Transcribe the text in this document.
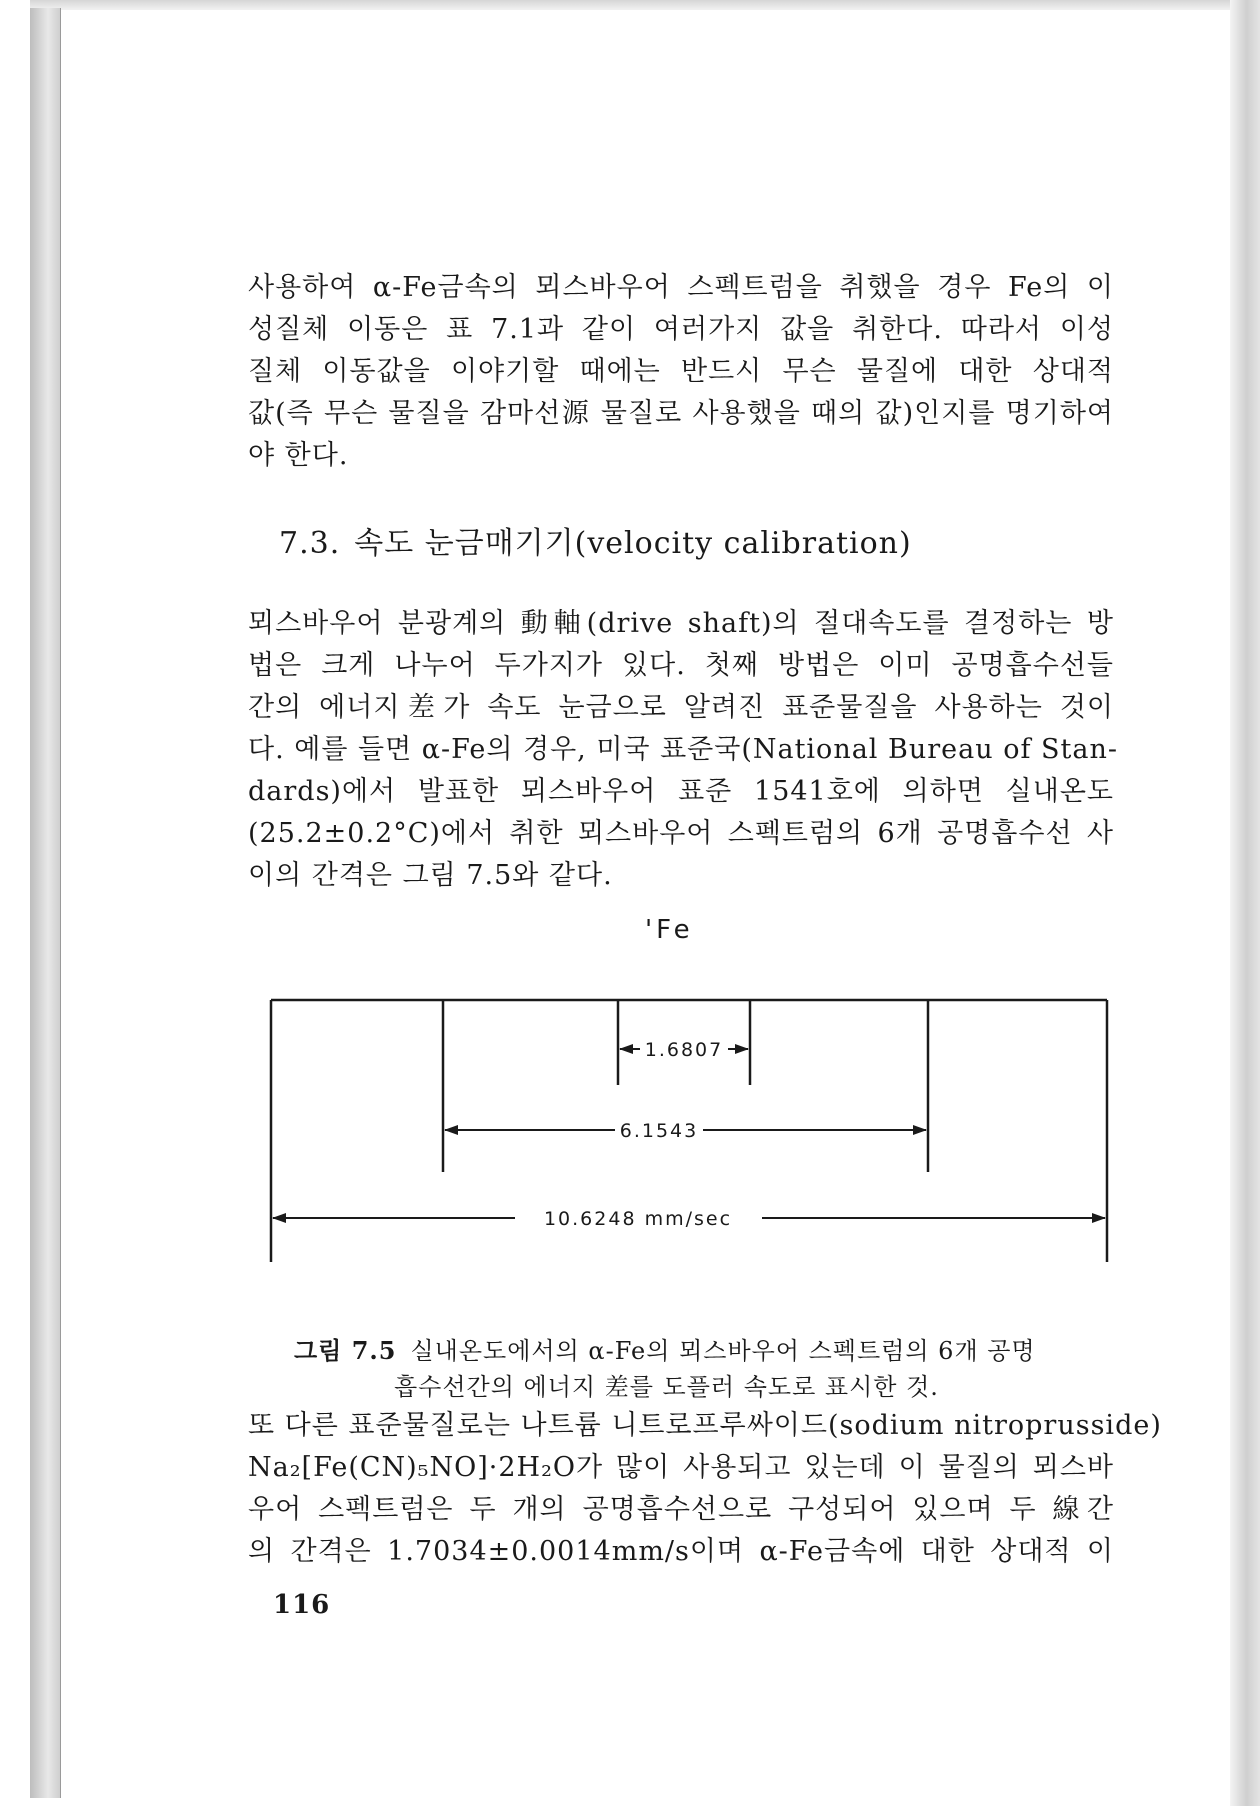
사용하여 α-Fe금속의 뫼스바우어 스펙트럼을 취했을 경우 Fe의 이
성질체 이동은 표 7.1과 같이 여러가지 값을 취한다. 따라서 이성
질체 이동값을 이야기할 때에는 반드시 무슨 물질에 대한 상대적
값(즉 무슨 물질을 감마선源 물질로 사용했을 때의 값)인지를 명기하여
야 한다.
7.3. 속도 눈금매기기(velocity calibration)
뫼스바우어 분광계의 動軸(drive shaft)의 절대속도를 결정하는 방
법은 크게 나누어 두가지가 있다. 첫째 방법은 이미 공명흡수선들
간의 에너지差가 속도 눈금으로 알려진 표준물질을 사용하는 것이
다. 예를 들면 α-Fe의 경우, 미국 표준국(National Bureau of Stan-
dards)에서 발표한 뫼스바우어 표준 1541호에 의하면 실내온도
(25.2±0.2°C)에서 취한 뫼스바우어 스펙트럼의 6개 공명흡수선 사
이의 간격은 그림 7.5와 같다.
'Fe
1.6807
6.1543
10.6248 mm/sec
그림 7.5 실내온도에서의 α-Fe의 뫼스바우어 스펙트럼의 6개 공명
흡수선간의 에너지 差를 도플러 속도로 표시한 것.
또 다른 표준물질로는 나트륨 니트로프루싸이드(sodium nitroprusside)
Na₂[Fe(CN)₅NO]·2H₂O가 많이 사용되고 있는데 이 물질의 뫼스바
우어 스펙트럼은 두 개의 공명흡수선으로 구성되어 있으며 두 線간
의 간격은 1.7034±0.0014mm/s이며 α-Fe금속에 대한 상대적 이
116
